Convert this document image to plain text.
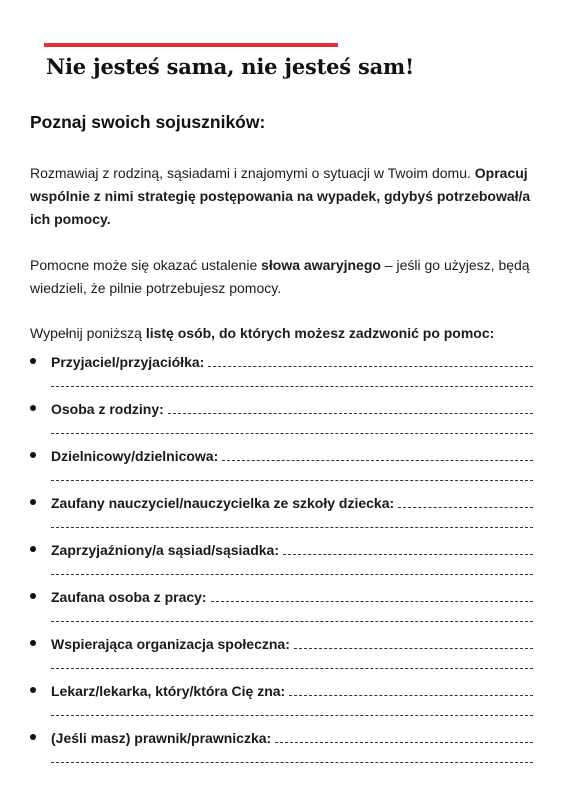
Nie jesteś sama, nie jesteś sam!
Poznaj swoich sojuszników:

Rozmawiaj z rodziną, sąsiadami i znajomymi o sytuacji w Twoim domu. Opracuj wspólnie z nimi strategię postępowania na wypadek, gdybyś potrzebował/a ich pomocy.

Pomocne może się okazać ustalenie słowa awaryjnego – jeśli go użyjesz, będą wiedzieli, że pilnie potrzebujesz pomocy.

Wypełnij poniższą listę osób, do których możesz zadzwonić po pomoc:

Przyjaciel/przyjaciółka:
Osoba z rodziny:
Dzielnicowy/dzielnicowa:
Zaufany nauczyciel/nauczycielka ze szkoły dziecka:
Zaprzyjaźniony/a sąsiad/sąsiadka:
Zaufana osoba z pracy:
Wspierająca organizacja społeczna:
Lekarz/lekarka, który/która Cię zna:
(Jeśli masz) prawnik/prawniczka:
